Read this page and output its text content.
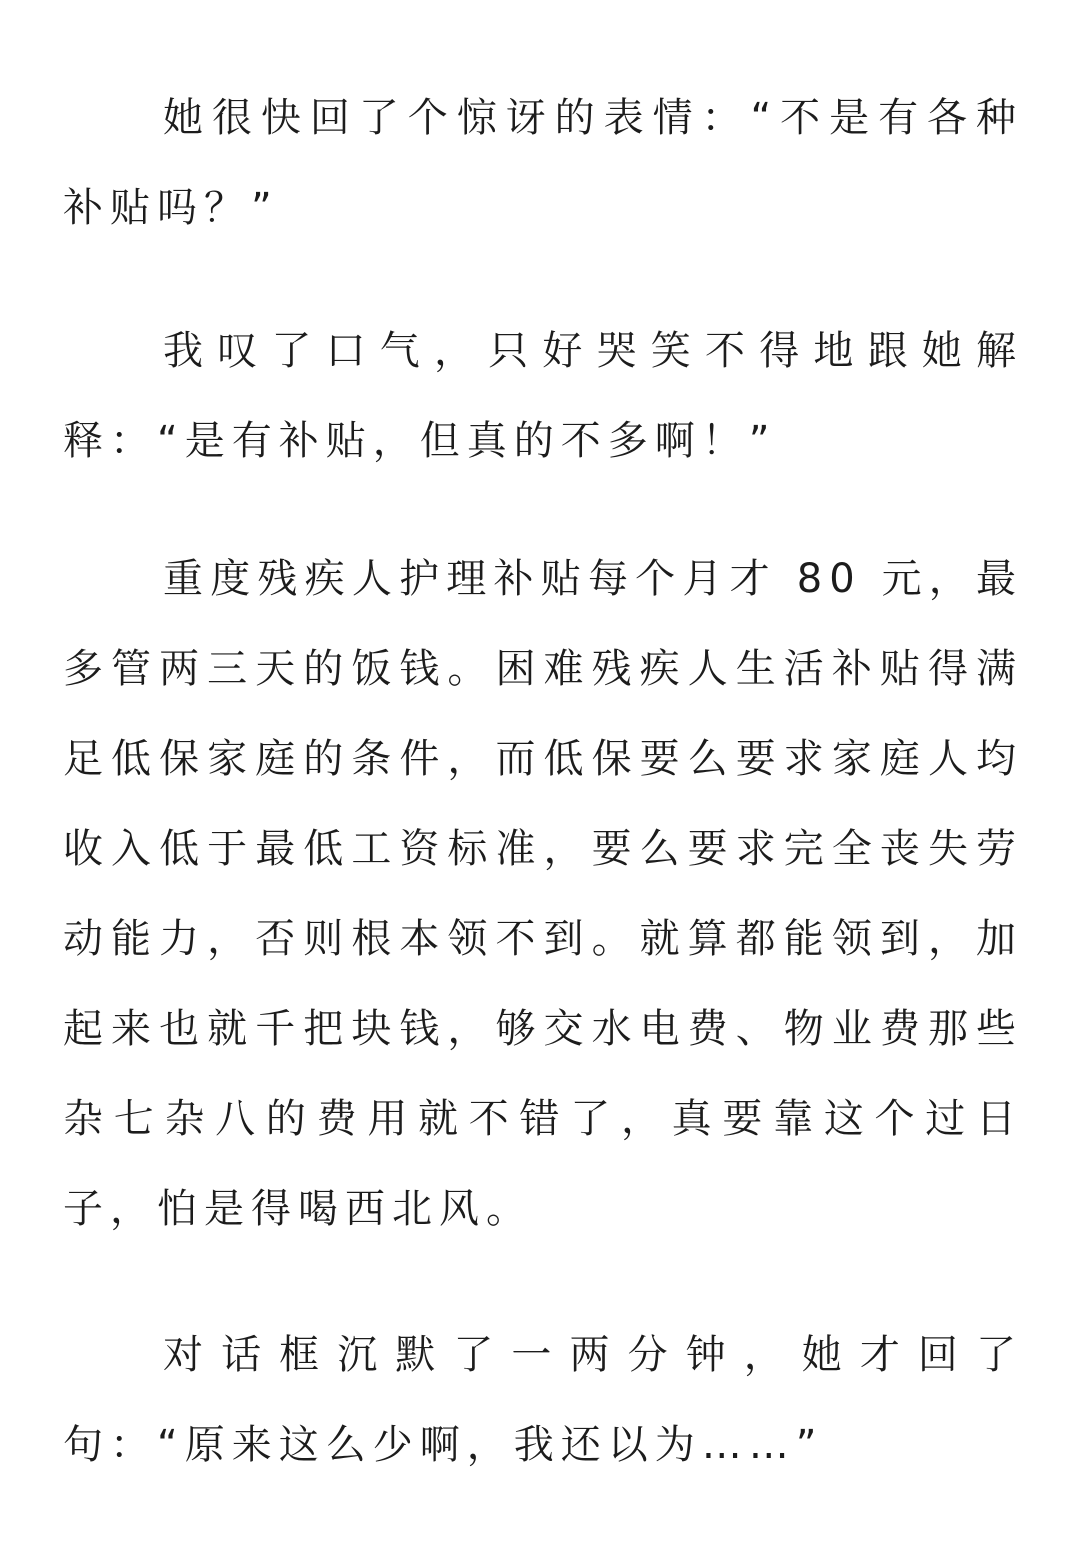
她很快回了个惊讶的表情：“不是有各种补贴吗？”

我叹了口气，只好哭笑不得地跟她解释：“是有补贴，但真的不多啊！”

重度残疾人护理补贴每个月才 80 元，最多管两三天的饭钱。困难残疾人生活补贴得满足低保家庭的条件，而低保要么要求家庭人均收入低于最低工资标准，要么要求完全丧失劳动能力，否则根本领不到。就算都能领到，加起来也就千把块钱，够交水电费、物业费那些杂七杂八的费用就不错了，真要靠这个过日子，怕是得喝西北风。

对话框沉默了一两分钟，她才回了句：“原来这么少啊，我还以为……”
